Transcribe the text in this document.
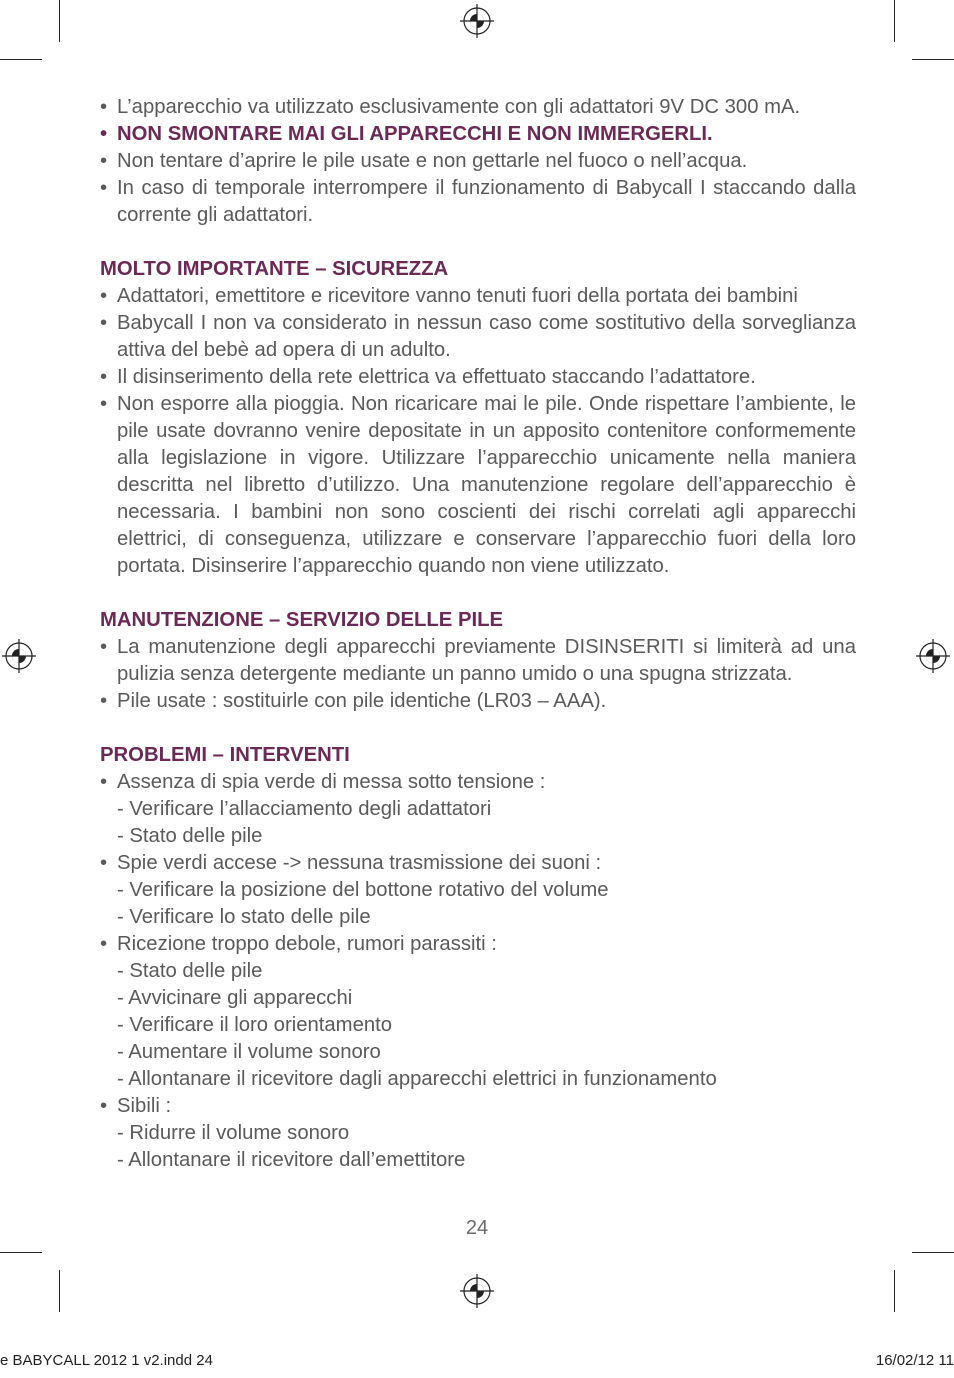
• L’apparecchio va utilizzato esclusivamente con gli adattatori 9V DC 300 mA.

• NON SMONTARE MAI GLI APPARECCHI E NON IMMERGERLI.

• Non tentare d’aprire le pile usate e non gettarle nel fuoco o nell’acqua.

• In caso di temporale interrompere il funzionamento di Babycall I staccando dalla corrente gli adattatori.

MOLTO IMPORTANTE – SICUREZZA

• Adattatori, emettitore e ricevitore vanno tenuti fuori della portata dei bambini

• Babycall I non va considerato in nessun caso come sostitutivo della sorveglianza attiva del bebè ad opera di un adulto.

• Il disinserimento della rete elettrica va effettuato staccando l’adattatore.

• Non esporre alla pioggia. Non ricaricare mai le pile. Onde rispettare l’ambiente, le pile usate dovranno venire depositate in un apposito contenitore conformemente alla legislazione in vigore. Utilizzare l’apparecchio unicamente nella maniera descritta nel libretto d’utilizzo. Una manutenzione regolare dell’apparecchio è necessaria. I bambini non sono coscienti dei rischi correlati agli apparecchi elettrici, di conseguenza, utilizzare e conservare l’apparecchio fuori della loro portata. Disinserire l’apparecchio quando non viene utilizzato.

MANUTENZIONE – SERVIZIO DELLE PILE

• La manutenzione degli apparecchi previamente DISINSERITI si limiterà ad una pulizia senza detergente mediante un panno umido o una spugna strizzata.

• Pile usate : sostituirle con pile identiche (LR03 – AAA).

PROBLEMI – INTERVENTI

• Assenza di spia verde di messa sotto tensione :

- Verificare l’allacciamento degli adattatori

- Stato delle pile

• Spie verdi accese -> nessuna trasmissione dei suoni :

- Verificare la posizione del bottone rotativo del volume

- Verificare lo stato delle pile

• Ricezione troppo debole, rumori parassiti :

- Stato delle pile

- Avvicinare gli apparecchi

- Verificare il loro orientamento

- Aumentare il volume sonoro

- Allontanare il ricevitore dagli apparecchi elettrici in funzionamento

• Sibili :

- Ridurre il volume sonoro

- Allontanare il ricevitore dall’emettitore

24
e BABYCALL 2012 1 v2.indd 24	16/02/12 11
